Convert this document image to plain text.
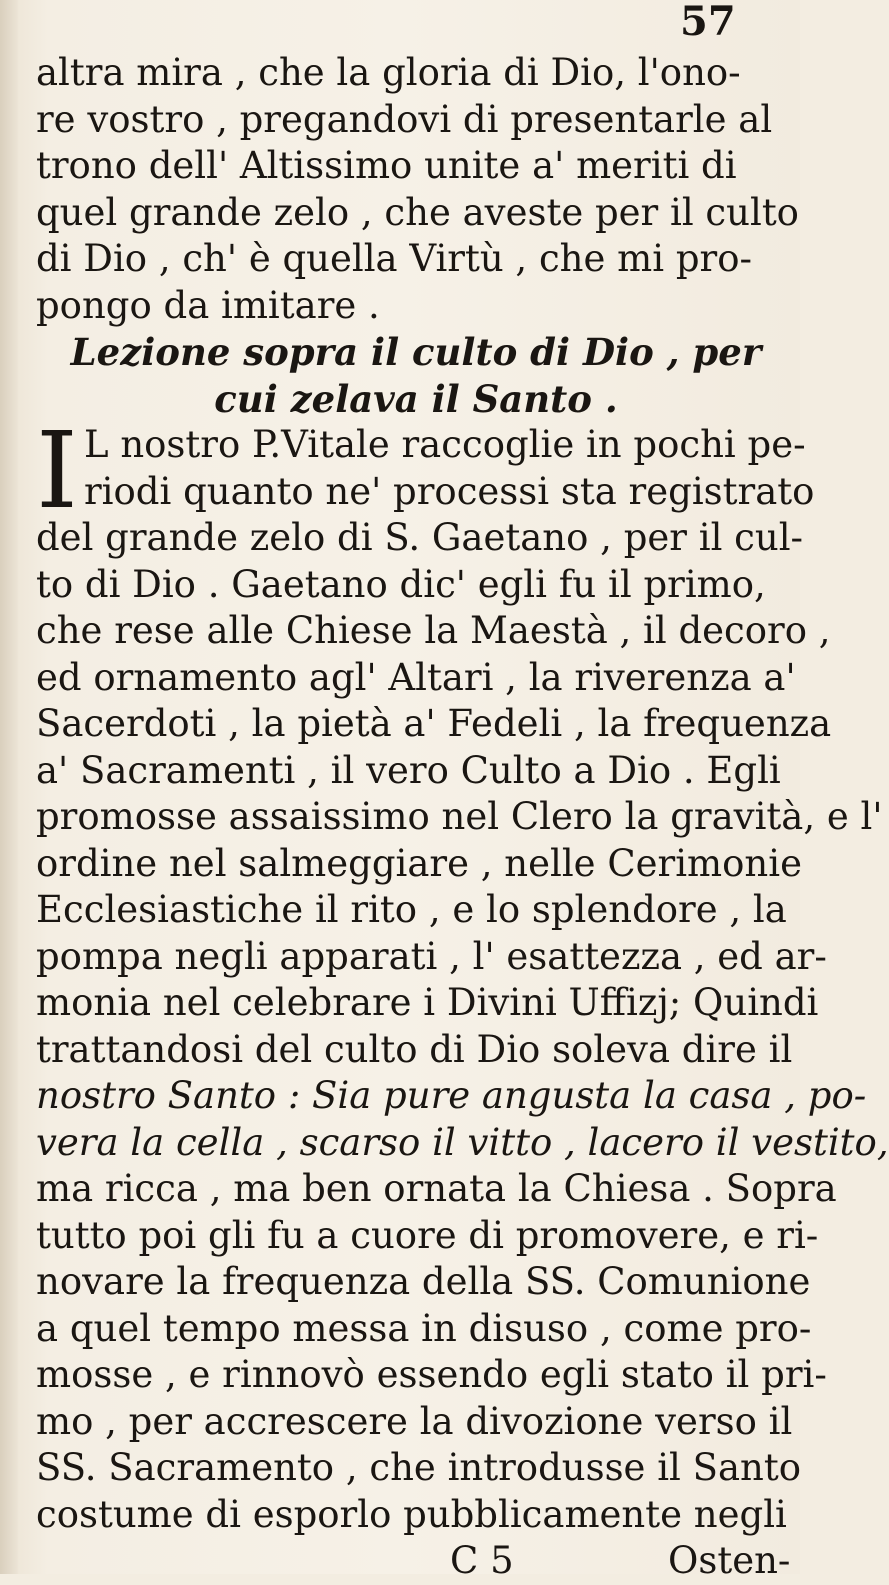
57
I
altra mira , che la gloria di Dio, l'ono-
re vostro , pregandovi di presentarle al
trono dell' Altissimo unite a' meriti di
quel grande zelo , che aveste per il culto
di Dio , ch' è quella Virtù , che mi pro-
pongo da imitare .
Lezione sopra il culto di Dio , per
cui zelava il Santo .
L nostro P.Vitale raccoglie in pochi pe-
riodi quanto ne' processi sta registrato
del grande zelo di S. Gaetano , per il cul-
to di Dio . Gaetano dic' egli fu il primo,
che rese alle Chiese la Maestà , il decoro ,
ed ornamento agl' Altari , la riverenza a'
Sacerdoti , la pietà a' Fedeli , la frequenza
a' Sacramenti , il vero Culto a Dio . Egli
promosse assaissimo nel Clero la gravità, e l'
ordine nel salmeggiare , nelle Cerimonie
Ecclesiastiche il rito , e lo splendore , la
pompa negli apparati , l' esattezza , ed ar-
monia nel celebrare i Divini Uffizj; Quindi
trattandosi del culto di Dio soleva dire il
nostro Santo : Sia pure angusta la casa , po-
vera la cella , scarso il vitto , lacero il vestito,
ma ricca , ma ben ornata la Chiesa . Sopra
tutto poi gli fu a cuore di promovere, e ri-
novare la frequenza della SS. Comunione
a quel tempo messa in disuso , come pro-
mosse , e rinnovò essendo egli stato il pri-
mo , per accrescere la divozione verso il
SS. Sacramento , che introdusse il Santo
costume di esporlo pubblicamente negli
C 5	Osten-
